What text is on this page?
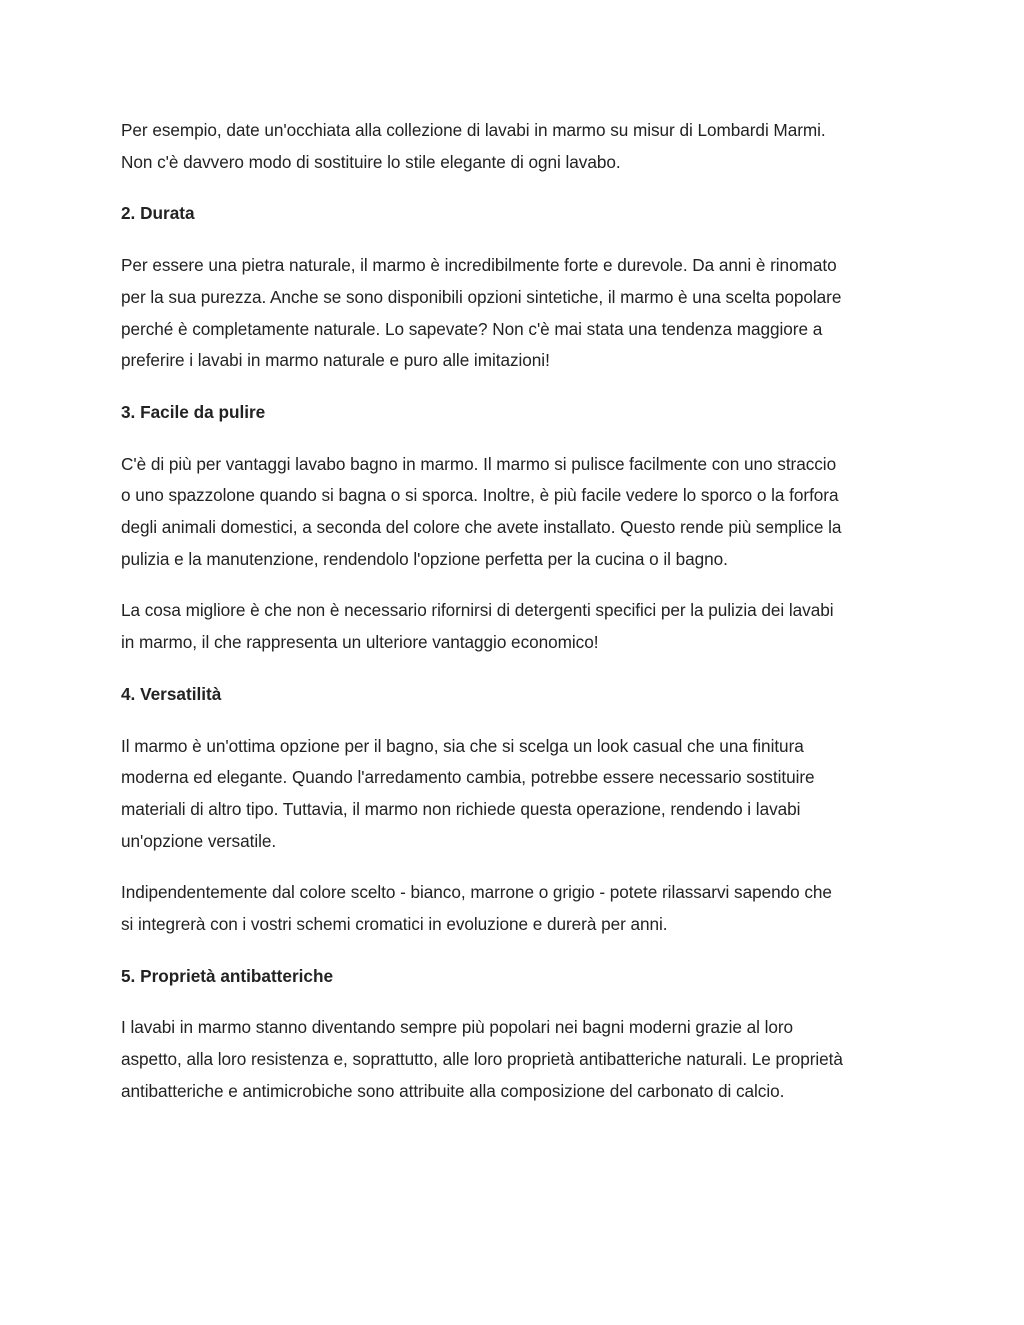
Per esempio, date un'occhiata alla collezione di lavabi in marmo su misur di Lombardi Marmi.

Non c'è davvero modo di sostituire lo stile elegante di ogni lavabo.

2. Durata

Per essere una pietra naturale, il marmo è incredibilmente forte e durevole. Da anni è rinomato

per la sua purezza. Anche se sono disponibili opzioni sintetiche, il marmo è una scelta popolare

perché è completamente naturale. Lo sapevate? Non c'è mai stata una tendenza maggiore a

preferire i lavabi in marmo naturale e puro alle imitazioni!

3. Facile da pulire

C'è di più per vantaggi lavabo bagno in marmo. Il marmo si pulisce facilmente con uno straccio

o uno spazzolone quando si bagna o si sporca. Inoltre, è più facile vedere lo sporco o la forfora

degli animali domestici, a seconda del colore che avete installato. Questo rende più semplice la

pulizia e la manutenzione, rendendolo l'opzione perfetta per la cucina o il bagno.

La cosa migliore è che non è necessario rifornirsi di detergenti specifici per la pulizia dei lavabi

in marmo, il che rappresenta un ulteriore vantaggio economico!

4. Versatilità

Il marmo è un'ottima opzione per il bagno, sia che si scelga un look casual che una finitura

moderna ed elegante. Quando l'arredamento cambia, potrebbe essere necessario sostituire

materiali di altro tipo. Tuttavia, il marmo non richiede questa operazione, rendendo i lavabi

un'opzione versatile.

Indipendentemente dal colore scelto - bianco, marrone o grigio - potete rilassarvi sapendo che

si integrerà con i vostri schemi cromatici in evoluzione e durerà per anni.

5. Proprietà antibatteriche

I lavabi in marmo stanno diventando sempre più popolari nei bagni moderni grazie al loro

aspetto, alla loro resistenza e, soprattutto, alle loro proprietà antibatteriche naturali. Le proprietà

antibatteriche e antimicrobiche sono attribuite alla composizione del carbonato di calcio.
